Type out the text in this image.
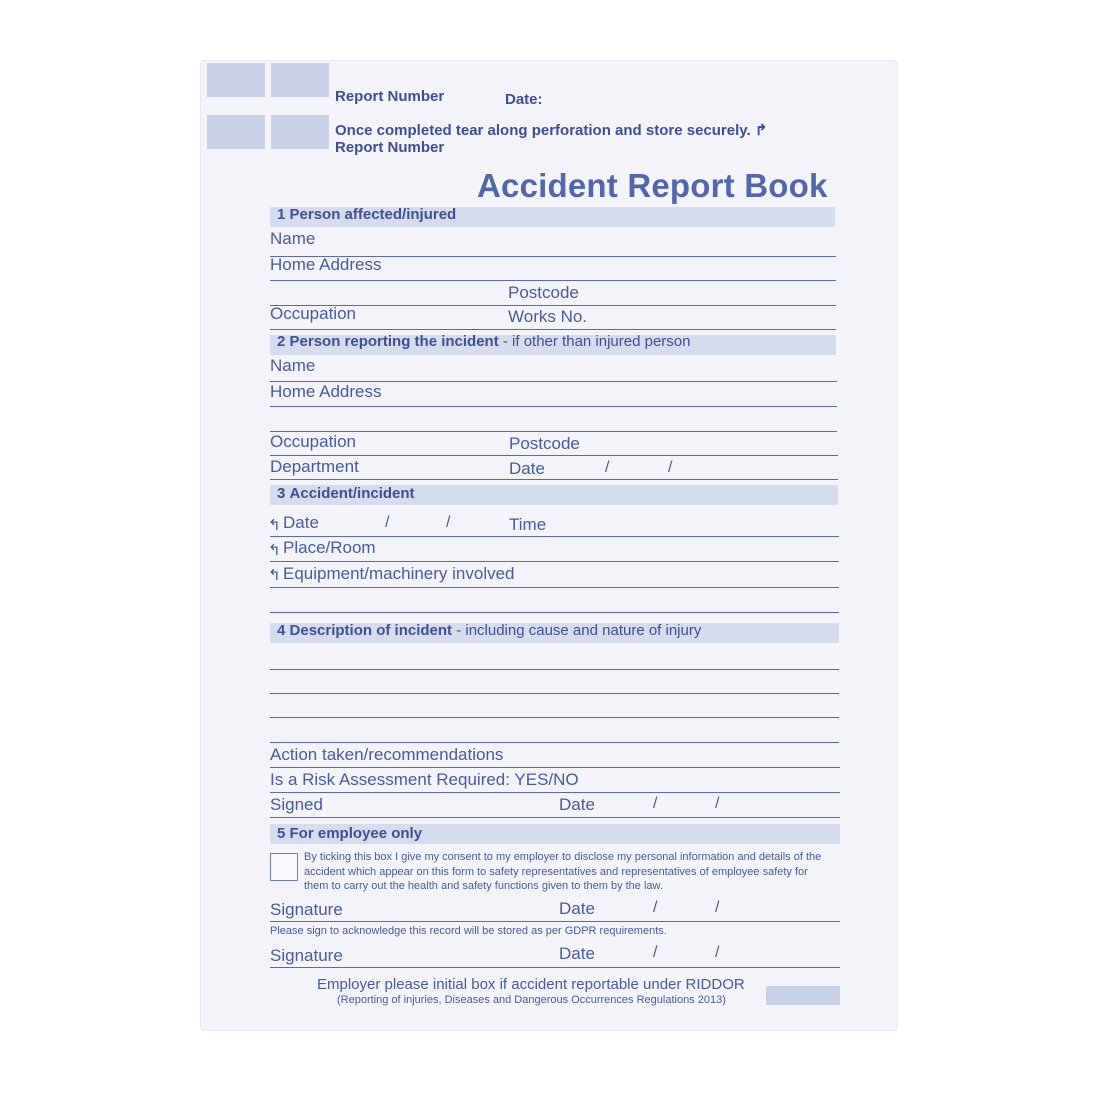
Report Number	Date:
Once completed tear along perforation and store securely. ↱
Report Number
Accident Report Book
1 Person affected/injured
Name
Home Address
Postcode
Occupation	Works No.
2 Person reporting the incident - if other than injured person
Name
Home Address
Occupation	Postcode
Department	Date	/	/
3 Accident/incident
↰ Date	/	/	Time
↰ Place/Room
↰ Equipment/machinery involved
4 Description of incident - including cause and nature of injury
Action taken/recommendations
Is a Risk Assessment Required: YES/NO
Signed	Date	/	/
5 For employee only
By ticking this box I give my consent to my employer to disclose my personal information and details of the accident which appear on this form to safety representatives and representatives of employee safety for them to carry out the health and safety functions given to them by the law.
Signature	Date	/	/
Please sign to acknowledge this record will be stored as per GDPR requirements.
Signature	Date	/	/
Employer please initial box if accident reportable under RIDDOR
(Reporting of injuries, Diseases and Dangerous Occurrences Regulations 2013)
